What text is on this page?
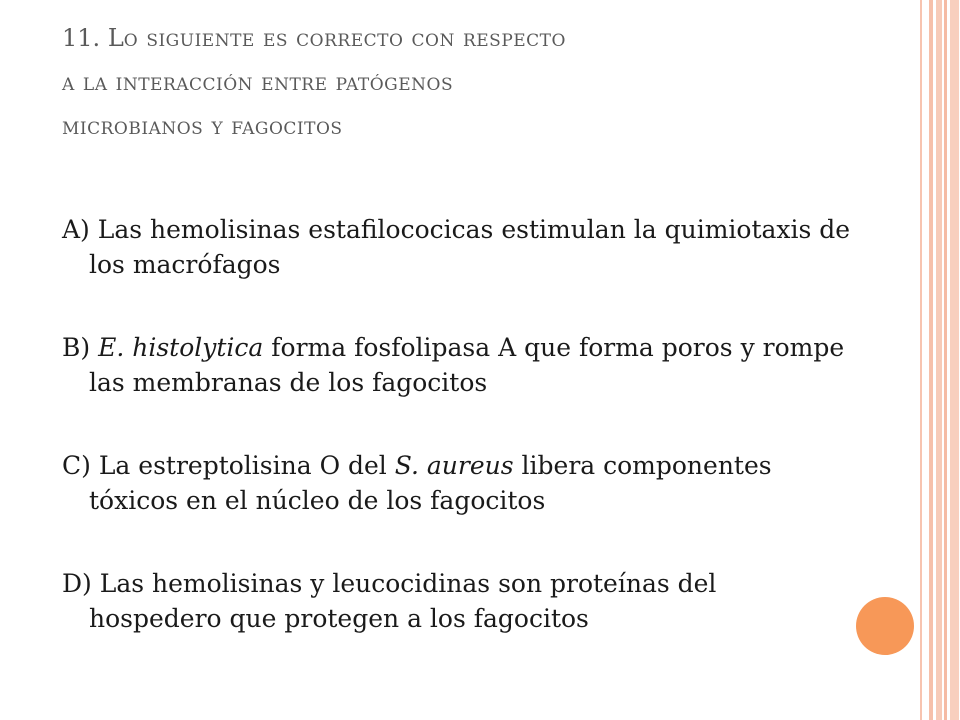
11. Lo siguiente es correcto con respecto
a la interacción entre patógenos
microbianos y fagocitos
A) Las hemolisinas estafilococicas estimulan la quimiotaxis de los macrófagos
B) E. histolytica forma fosfolipasa A que forma poros y rompe las membranas de los fagocitos
C) La estreptolisina O del S. aureus libera componentes tóxicos en el núcleo de los fagocitos
D) Las hemolisinas y leucocidinas son proteínas del hospedero que protegen a los fagocitos
